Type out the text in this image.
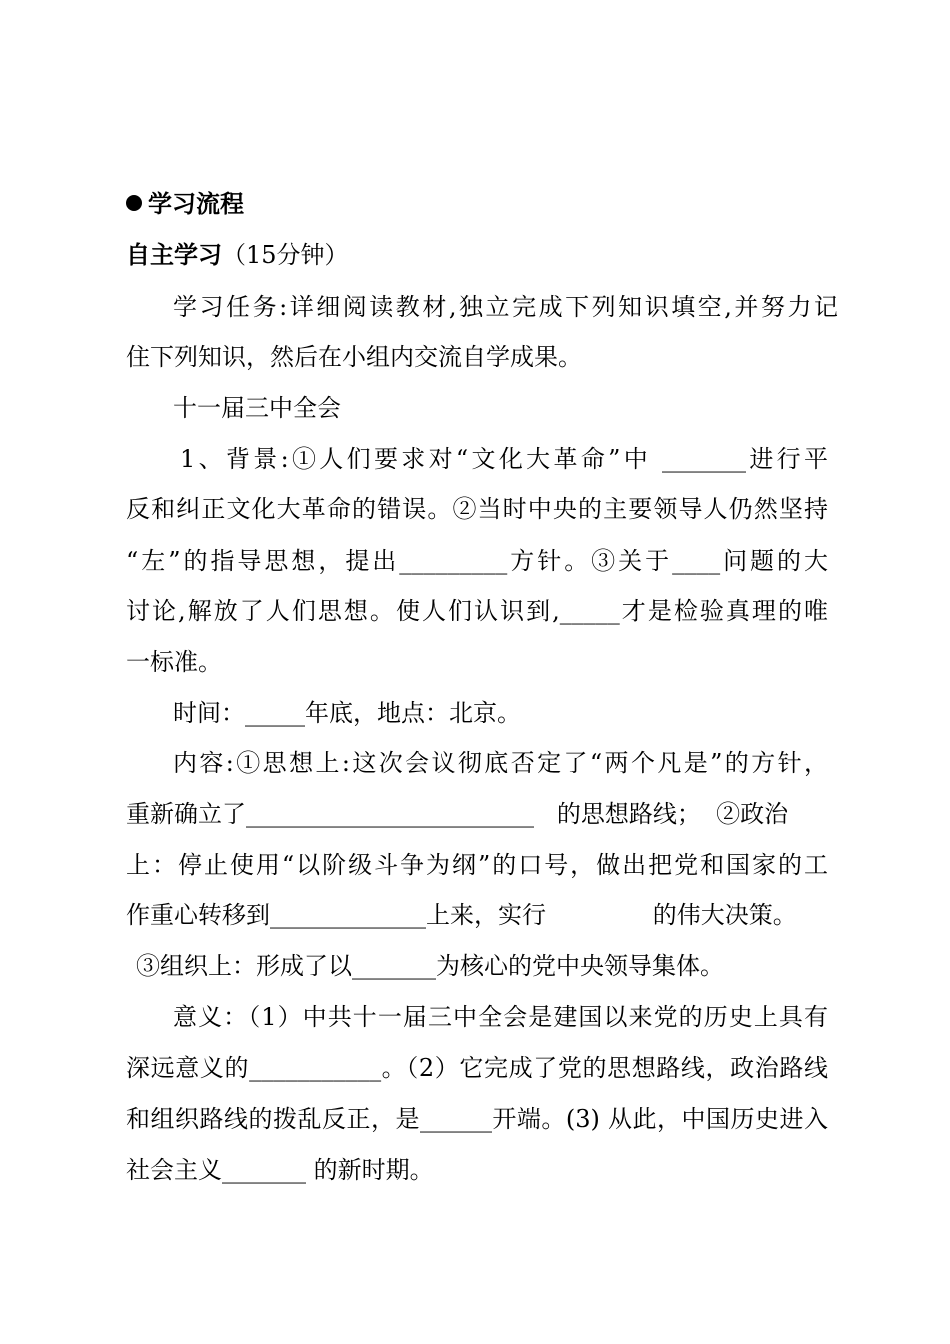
学习流程
自主学习（15分钟）
学习任务:详细阅读教材,独立完成下列知识填空,并努力记
住下列知识，然后在小组内交流自学成果。
十一届三中全会
1、背景:①人们要求对“文化大革命”中 _______进行平
反和纠正文化大革命的错误。②当时中央的主要领导人仍然坚持
“左”的指导思想，提出_________方针。③关于____问题的大
讨论,解放了人们思想。使人们认识到,_____才是检验真理的唯
一标准。
时间：_____年底，地点：北京。
内容:①思想上:这次会议彻底否定了“两个凡是”的方针，
重新确立了________________________   的思想路线；  ②政治
上：停止使用“以阶级斗争为纲”的口号，做出把党和国家的工
作重心转移到_____________上来，实行              的伟大决策。
③组织上：形成了以_______为核心的党中央领导集体。
意义：（1）中共十一届三中全会是建国以来党的历史上具有
深远意义的___________。（2）它完成了党的思想路线，政治路线
和组织路线的拨乱反正，是______开端。(3) 从此，中国历史进入
社会主义_______ 的新时期。
